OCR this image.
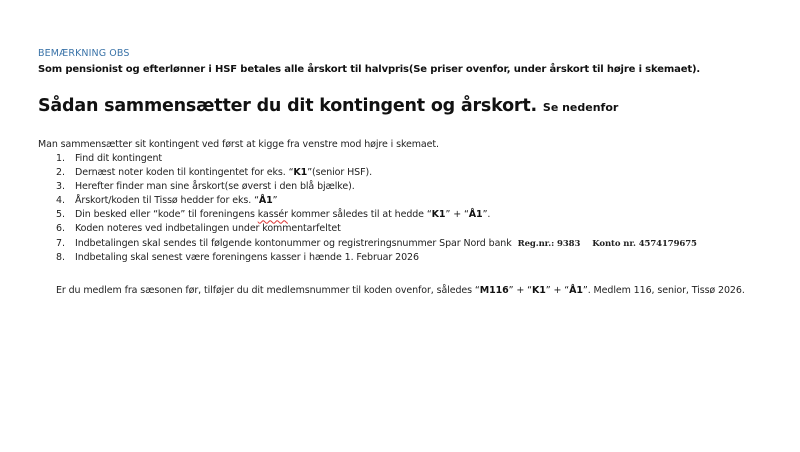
BEMÆRKNING OBS
Som pensionist og efterlønner i HSF betales alle årskort til halvpris(Se priser ovenfor, under årskort til højre i skemaet).
Sådan sammensætter du dit kontingent og årskort. Se nedenfor
Man sammensætter sit kontingent ved først at kigge fra venstre mod højre i skemaet.
1. Find dit kontingent
2. Dernæst noter koden til kontingentet for eks. “K1”(senior HSF).
3. Herefter finder man sine årskort(se øverst i den blå bjælke).
4. Årskort/koden til Tissø hedder for eks. “Å1”
5. Din besked eller “kode” til foreningens kassér kommer således til at hedde “K1” + “Å1”.
6. Koden noteres ved indbetalingen under kommentarfeltet
7. Indbetalingen skal sendes til følgende kontonummer og registreringsnummer Spar Nord bank Reg.nr.: 9383 Konto nr. 4574179675
8. Indbetaling skal senest være foreningens kasser i hænde 1. Februar 2026
Er du medlem fra sæsonen før, tilføjer du dit medlemsnummer til koden ovenfor, således “M116” + “K1” + “Å1”. Medlem 116, senior, Tissø 2026.
